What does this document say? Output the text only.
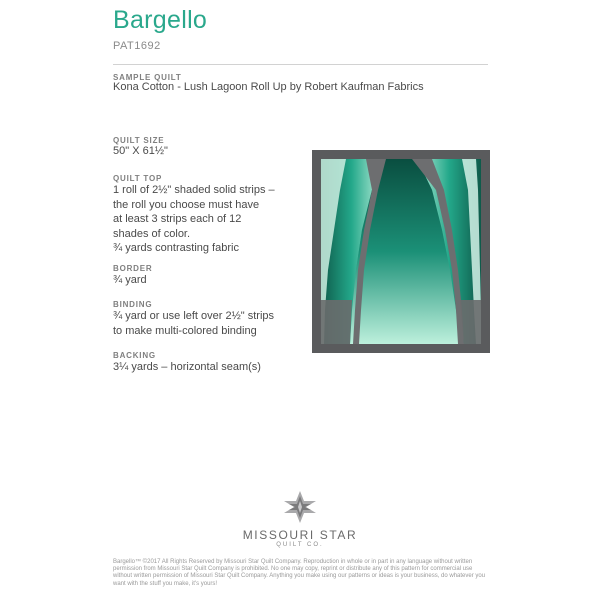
Bargello
PAT1692
SAMPLE QUILT
Kona Cotton - Lush Lagoon Roll Up by Robert Kaufman Fabrics
QUILT SIZE
50" X 61½"
QUILT TOP
1 roll of 2½" shaded solid strips –
the roll you choose must have
at least 3 strips each of 12
shades of color.
¾ yards contrasting fabric
BORDER
¾ yard
BINDING
¾ yard or use left over 2½" strips
to make multi-colored binding
BACKING
3¼ yards – horizontal seam(s)
MISSOURI STAR
QUILT CO.
Bargello™ ©2017 All Rights Reserved by Missouri Star Quilt Company. Reproduction in whole or in part in any language without written permission from Missouri Star Quilt Company is prohibited. No one may copy, reprint or distribute any of this pattern for commercial use without written permission of Missouri Star Quilt Company. Anything you make using our patterns or ideas is your business, do whatever you want with the stuff you make, it's yours!
